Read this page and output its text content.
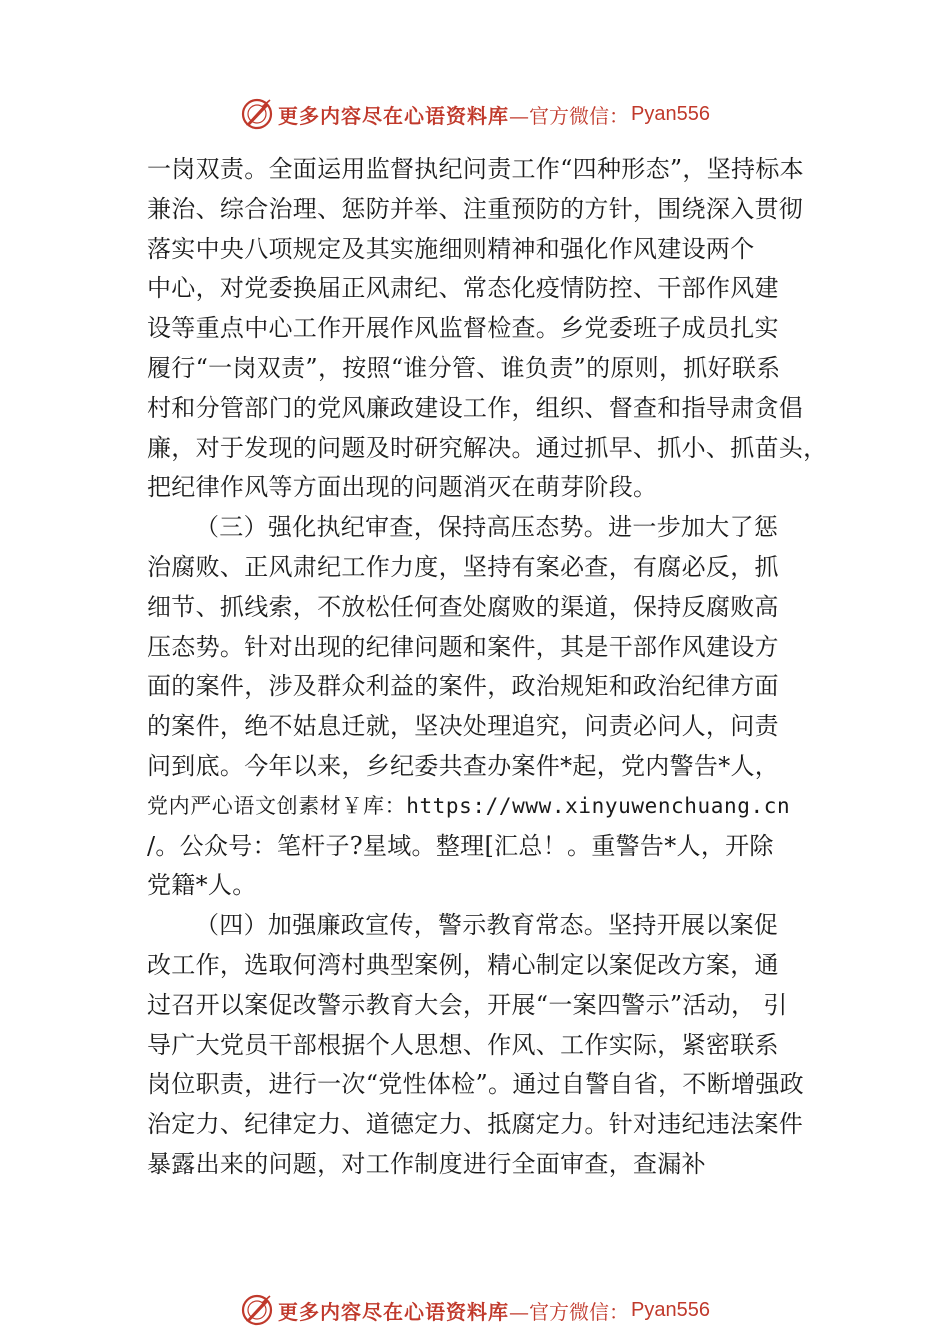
更多内容尽在心语资料库 —官方微信： Pyan556
一岗双责。全面运用监督执纪问责工作“四种形态”，坚持标本
兼治、综合治理、惩防并举、注重预防的方针，围绕深入贯彻
落实中央八项规定及其实施细则精神和强化作风建设两个
中心，对党委换届正风肃纪、常态化疫情防控、干部作风建
设等重点中心工作开展作风监督检查。乡党委班子成员扎实
履行“一岗双责”，按照“谁分管、谁负责”的原则，抓好联系
村和分管部门的党风廉政建设工作，组织、督查和指导肃贪倡
廉，对于发现的问题及时研究解决。通过抓早、抓小、抓苗头，
把纪律作风等方面出现的问题消灭在萌芽阶段。
（三）强化执纪审查，保持高压态势。进一步加大了惩
治腐败、正风肃纪工作力度，坚持有案必查，有腐必反，抓
细节、抓线索，不放松任何查处腐败的渠道，保持反腐败高
压态势。针对出现的纪律问题和案件，其是干部作风建设方
面的案件，涉及群众利益的案件，政治规矩和政治纪律方面
的案件，绝不姑息迁就，坚决处理追究，问责必问人，问责
问到底。今年以来，乡纪委共查办案件*起，党内警告*人，
党内严心语文创素材￥库：https://www.xinyuwenchuang.cn
/。公众号：笔杆子?星域。整理[汇总！。重警告*人，开除
党籍*人。
（四）加强廉政宣传，警示教育常态。坚持开展以案促
改工作，选取何湾村典型案例，精心制定以案促改方案，通
过召开以案促改警示教育大会，开展“一案四警示”活动， 引
导广大党员干部根据个人思想、作风、工作实际，紧密联系
岗位职责，进行一次“党性体检”。通过自警自省，不断增强政
治定力、纪律定力、道德定力、抵腐定力。针对违纪违法案件
暴露出来的问题，对工作制度进行全面审查，查漏补
更多内容尽在心语资料库 —官方微信： Pyan556
